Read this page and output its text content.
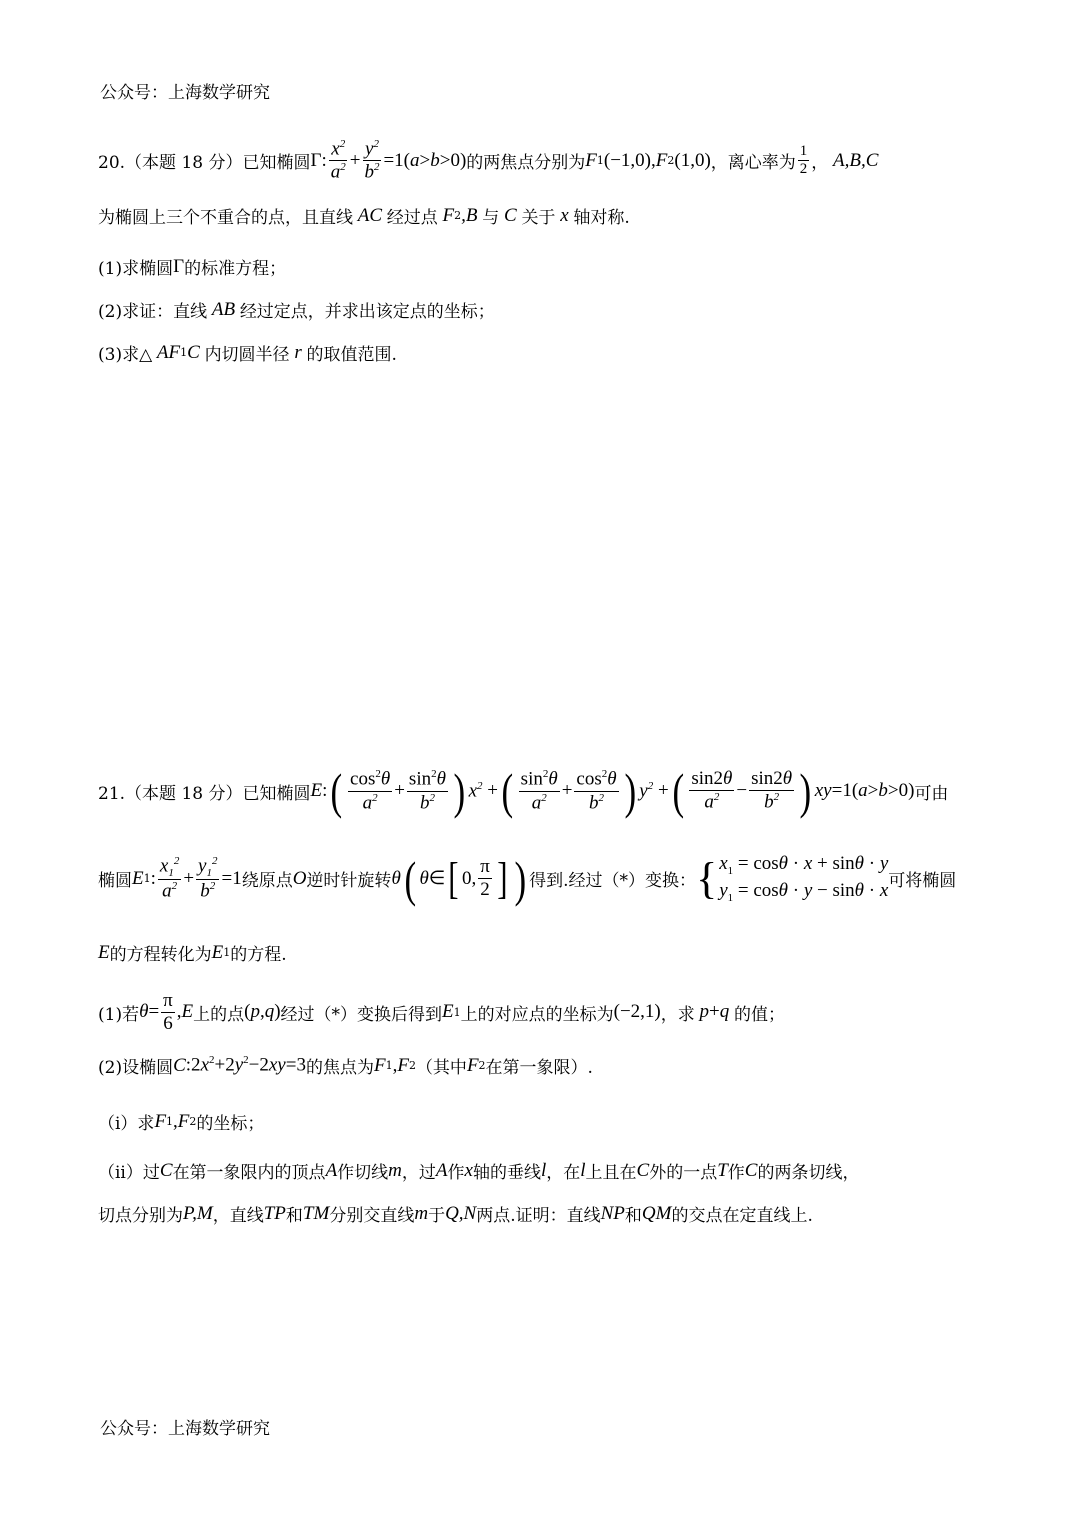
公众号：上海数学研究
20.（本题 18 分）已知椭圆 Γ: $\frac{x^2}{a^2} + \frac{y^2}{b^2} =1(a>b>0)$ 的两焦点分别为 F 1 (−1,0), F 2 (1,0) ，离心率为 $\frac{1}{2}$ ， A,B,C
为椭圆上三个不重合的点，且直线 AC 经过点 F 2 ,B 与 C 关于 x 轴对称.
(1)求椭圆 Γ 的标准方程；
(2)求证：直线 AB 经过定点，并求出该定点的坐标；
(3)求△ AF 1 C 内切圆半径 r 的取值范围.
21.（本题 18 分）已知椭圆 E : ( $\frac{\cos^2\theta}{a^2} + \frac{\sin^2\theta}{b^2}$ ) $x^2$ + ( $\frac{\sin^2\theta}{a^2} + \frac{\cos^2\theta}{b^2}$ ) $y^2$ + ( $\frac{\sin 2\theta}{a^2} - \frac{\sin 2\theta}{b^2}$ ) xy =1(a>b>0) 可由
椭圆 E 1 : $\frac{x_1^2}{a^2} + \frac{y_1^2}{b^2} =1$ 绕原点 O 逆时针旋转 θ ( θ ∈ [ 0, $\frac{\pi}{2}$ ] ) 得到.经过（*）变换： { $x_1 = \cos\theta \cdot x + \sin\theta \cdot y$
$y_1 = \cos\theta \cdot y - \sin\theta \cdot x$ 可将椭圆
E 的方程转化为 E 1 的方程.
(1)若 $\theta = \frac{\pi}{6}$ , E 上的点 (p,q) 经过（*）变换后得到 E 1 上的对应点的坐标为 (−2,1) ，求 p + q 的值；
(2)设椭圆 C $:2x^2+2y^2-2xy=3$ 的焦点为 F 1 , F 2 （其中 F 2 在第一象限）.
（i）求 F 1 , F 2 的坐标；
（ii）过 C 在第一象限内的顶点 A 作切线 m ，过 A 作 x 轴的垂线 l ，在 l 上且在 C 外的一点 T 作 C 的两条切线，
切点分别为 P,M ，直线 TP 和 TM 分别交直线 m 于 Q,N 两点.证明：直线 NP 和 QM 的交点在定直线上.
公众号：上海数学研究
